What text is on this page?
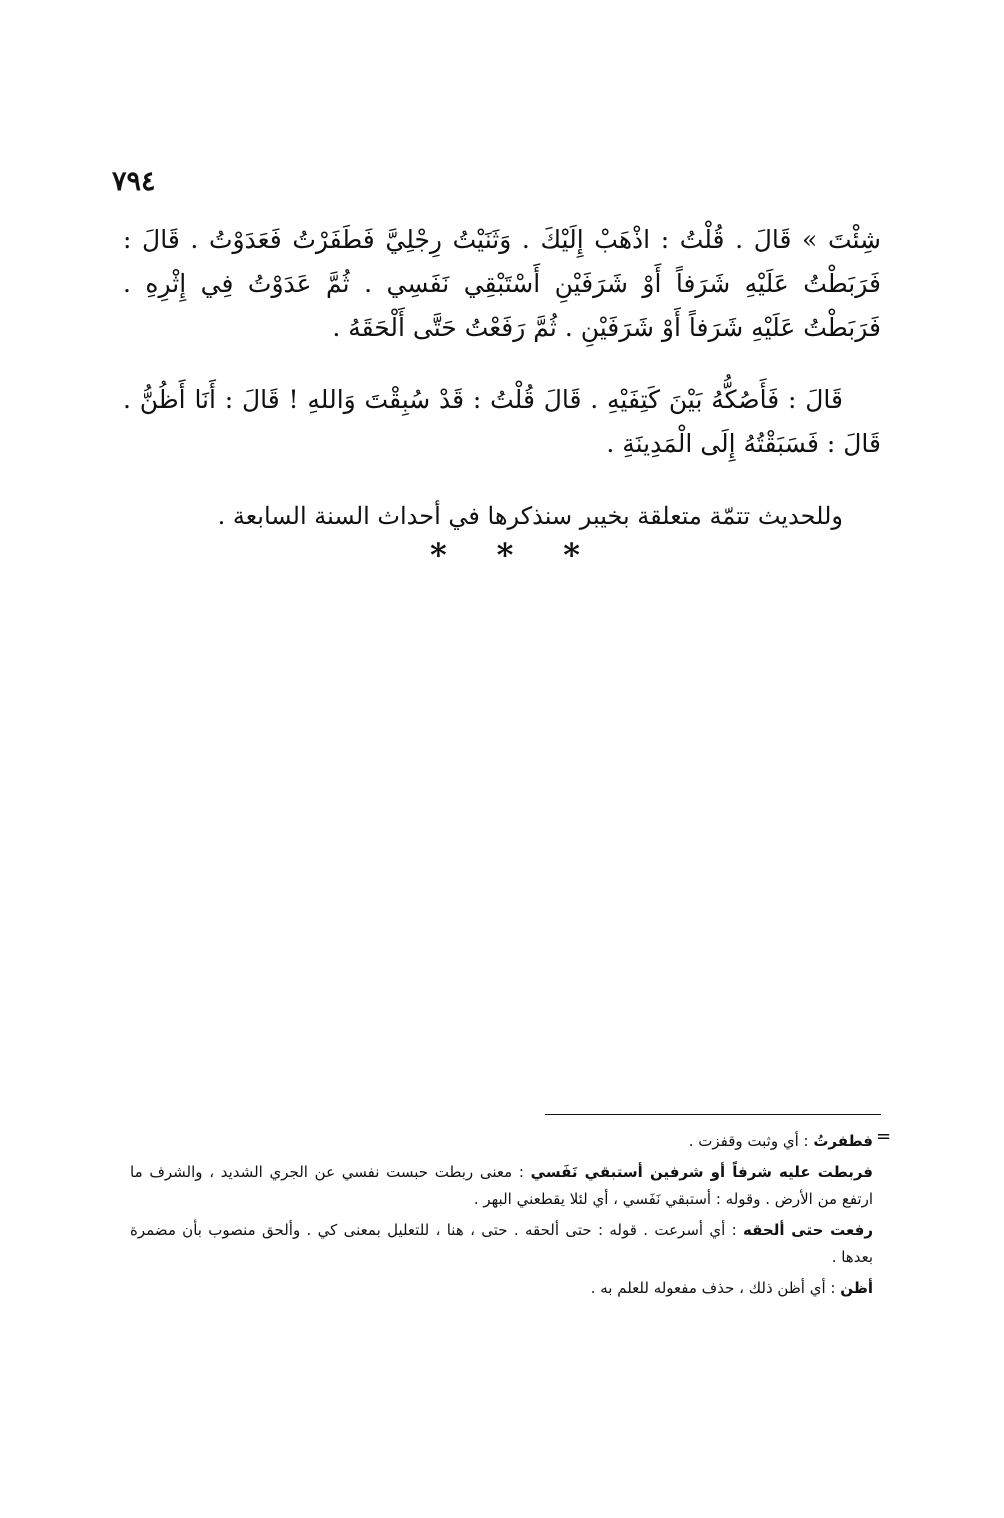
٧٩٤

شِئْتَ » قَالَ . قُلْتُ : اذْهَبْ إِلَيْكَ . وَثَنَيْتُ رِجْلِيَّ فَطَفَرْتُ فَعَدَوْتُ . قَالَ : فَرَبَطْتُ عَلَيْهِ شَرَفاً أَوْ شَرَفَيْنِ أَسْتَبْقِي نَفَسِي . ثُمَّ عَدَوْتُ فِي إِثْرِهِ . فَرَبَطْتُ عَلَيْهِ شَرَفاً أَوْ شَرَفَيْنِ . ثُمَّ رَفَعْتُ حَتَّى أَلْحَقَهُ .

قَالَ : فَأَصُكُّهُ بَيْنَ كَتِفَيْهِ . قَالَ قُلْتُ : قَدْ سُبِقْتَ وَاللهِ ! قَالَ : أَنَا أَظُنُّ . قَالَ : فَسَبَقْتُهُ إِلَى الْمَدِينَةِ .

وللحديث تتمّة متعلقة بخيبر سنذكرها في أحداث السنة السابعة .

* * *
=

فطفرتُ : أي وثبت وقفزت .

فربطت عليه شرفاً أو شرفين أستبقي نَفَسي : معنى ربطت حبست نفسي عن الجري الشديد ، والشرف ما ارتفع من الأرض . وقوله : أستبقي نَفَسي ، أي لئلا يقطعني البهر .

رفعت حتى ألحقه : أي أسرعت . قوله : حتى ألحقه . حتى ، هنا ، للتعليل بمعنى كي . وألحق منصوب بأن مضمرة بعدها .

أظن : أي أظن ذلك ، حذف مفعوله للعلم به .
